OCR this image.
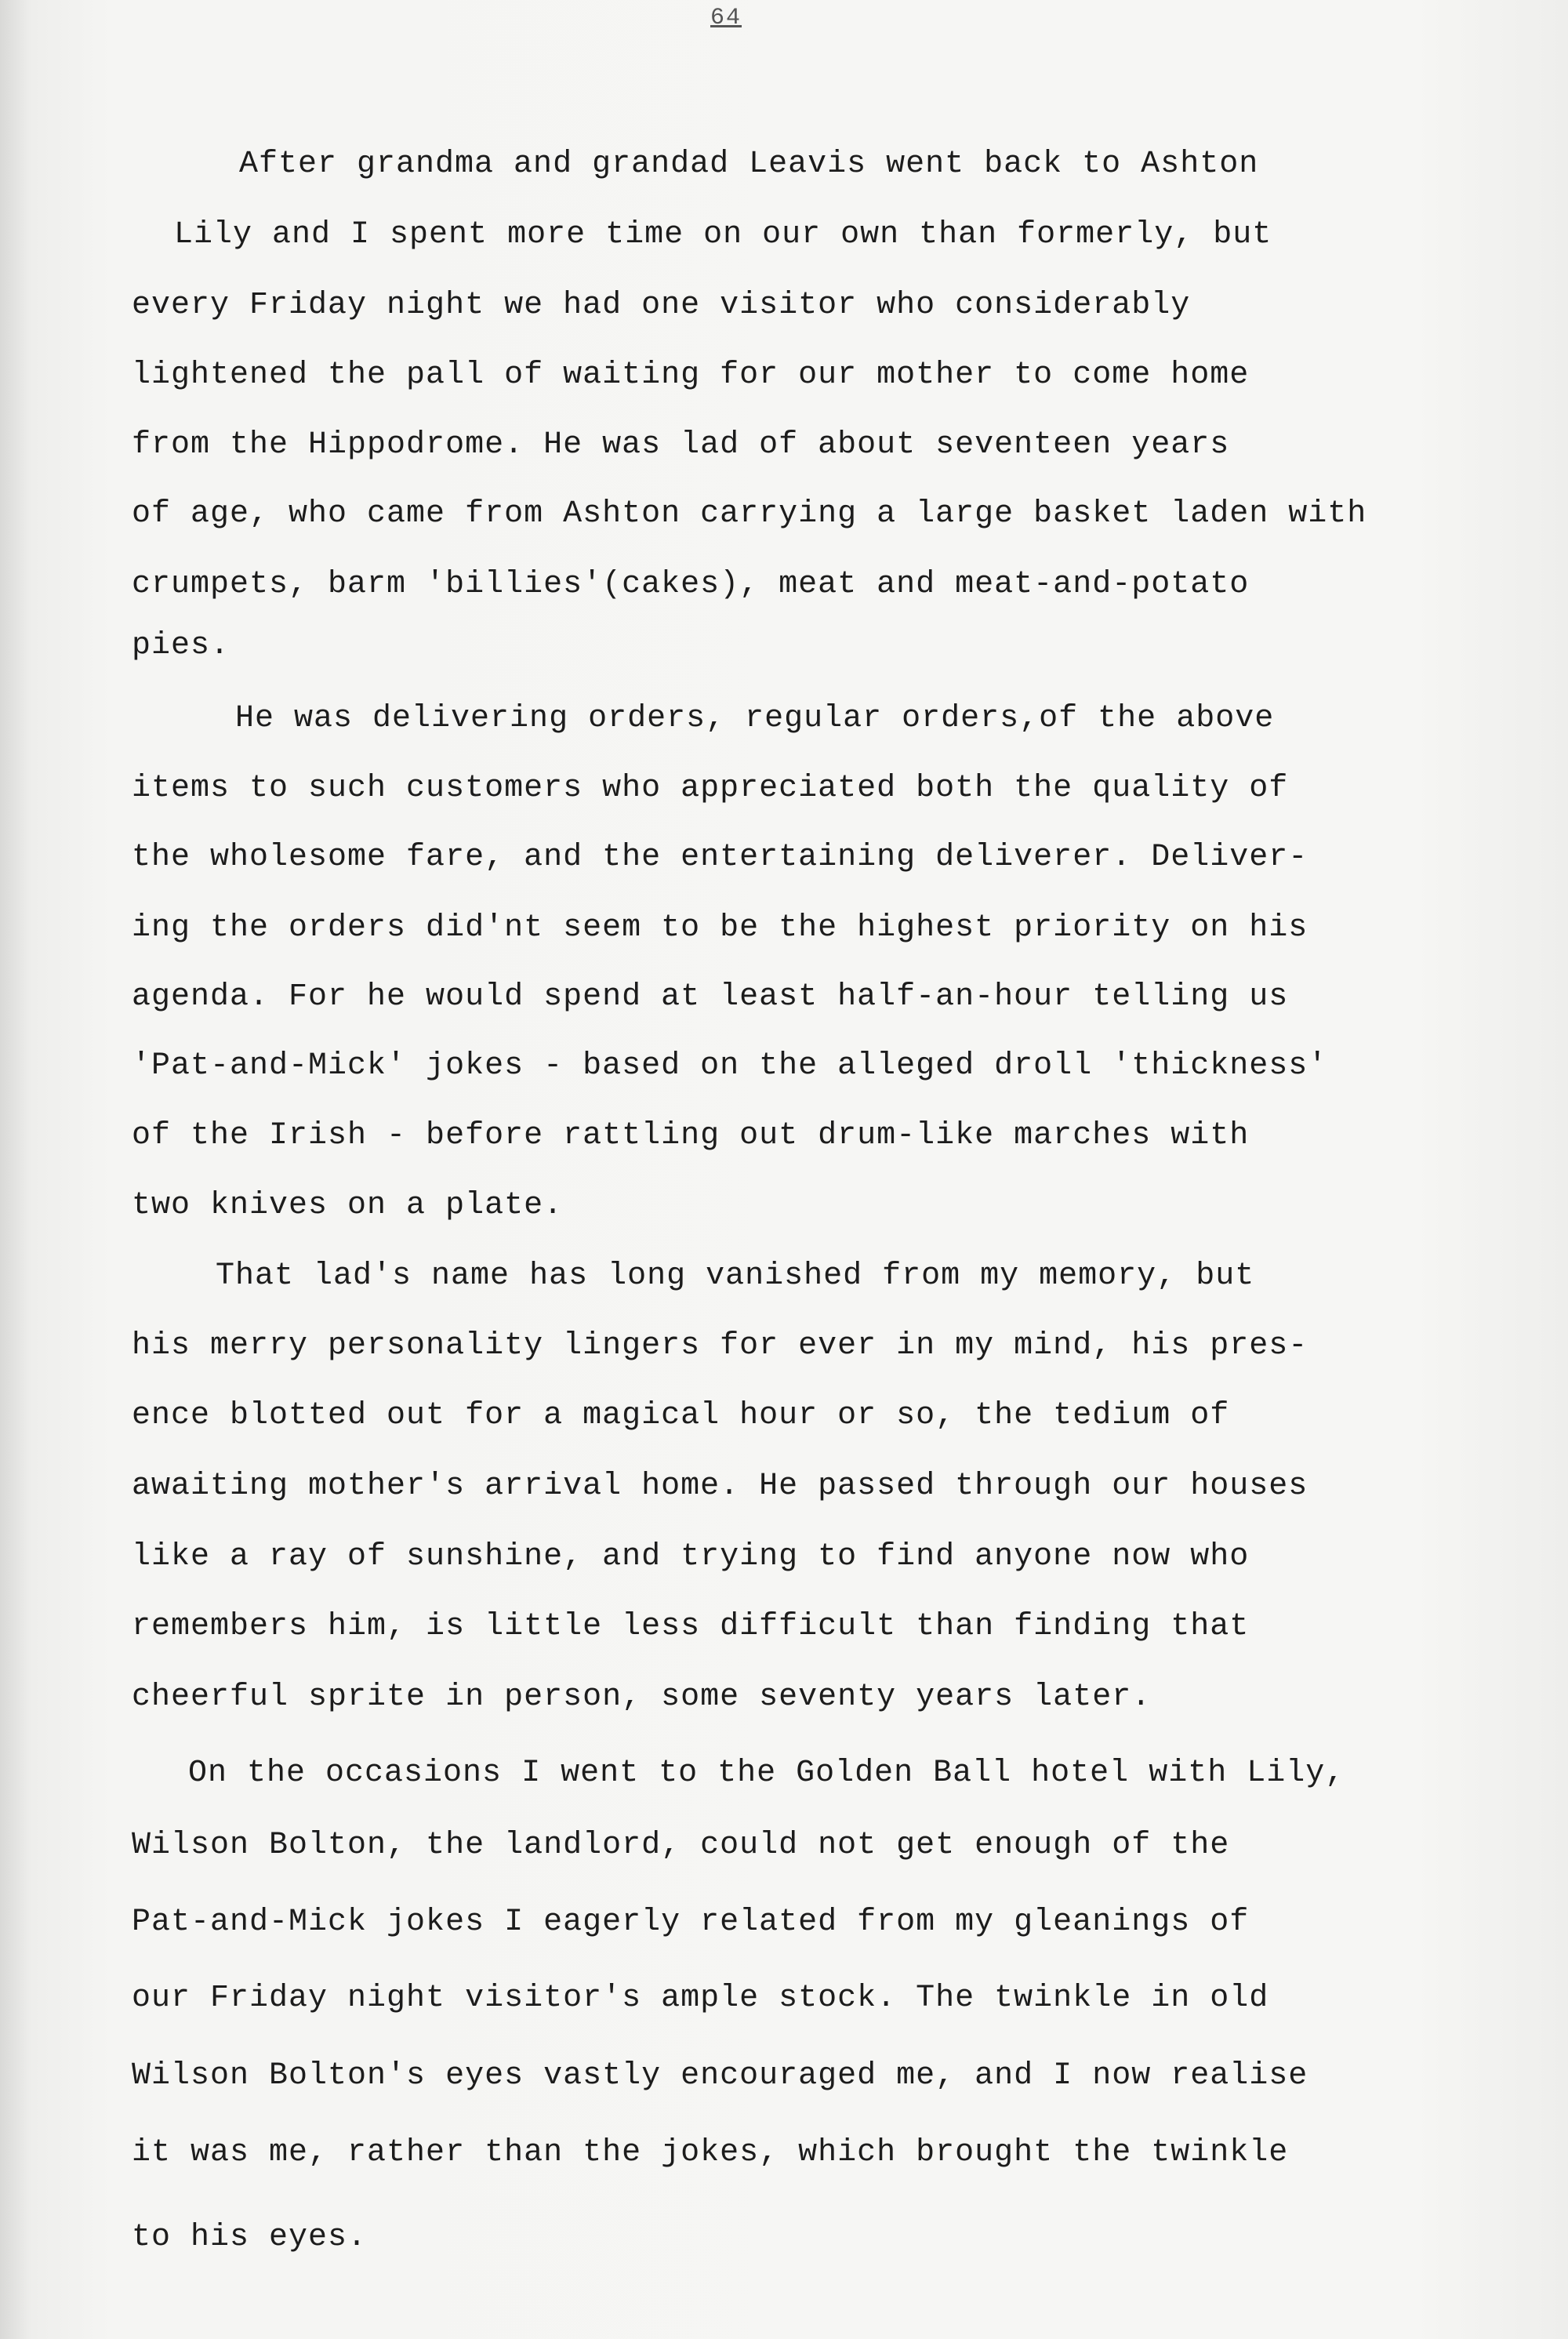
64
After grandma and grandad Leavis went back to Ashton
Lily and I spent more time on our own than formerly, but
every Friday night we had one visitor who considerably
lightened the pall of waiting for our mother to come home
from the Hippodrome. He was lad of about seventeen years
of age, who came from Ashton carrying a large basket laden with
crumpets, barm 'billies'(cakes), meat and meat-and-potato
pies.
He was delivering orders, regular orders,of the above
items to such customers who appreciated both the quality of
the wholesome fare, and the entertaining deliverer. Deliver-
ing the orders did'nt seem to be the highest priority on his
agenda. For he would spend at least half-an-hour telling us
'Pat-and-Mick' jokes - based on the alleged droll 'thickness'
of the Irish - before rattling out drum-like marches with
two knives on a plate.
That lad's name has long vanished from my memory, but
his merry personality lingers for ever in my mind, his pres-
ence blotted out for a magical hour or so, the tedium of
awaiting mother's arrival home. He passed through our houses
like a ray of sunshine, and trying to find anyone now who
remembers him, is little less difficult than finding that
cheerful sprite in person, some seventy years later.
On the occasions I went to the Golden Ball hotel with Lily,
Wilson Bolton, the landlord, could not get enough of the
Pat-and-Mick jokes I eagerly related from my gleanings of
our Friday night visitor's ample stock. The twinkle in old
Wilson Bolton's eyes vastly encouraged me, and I now realise
it was me, rather than the jokes, which brought the twinkle
to his eyes.
